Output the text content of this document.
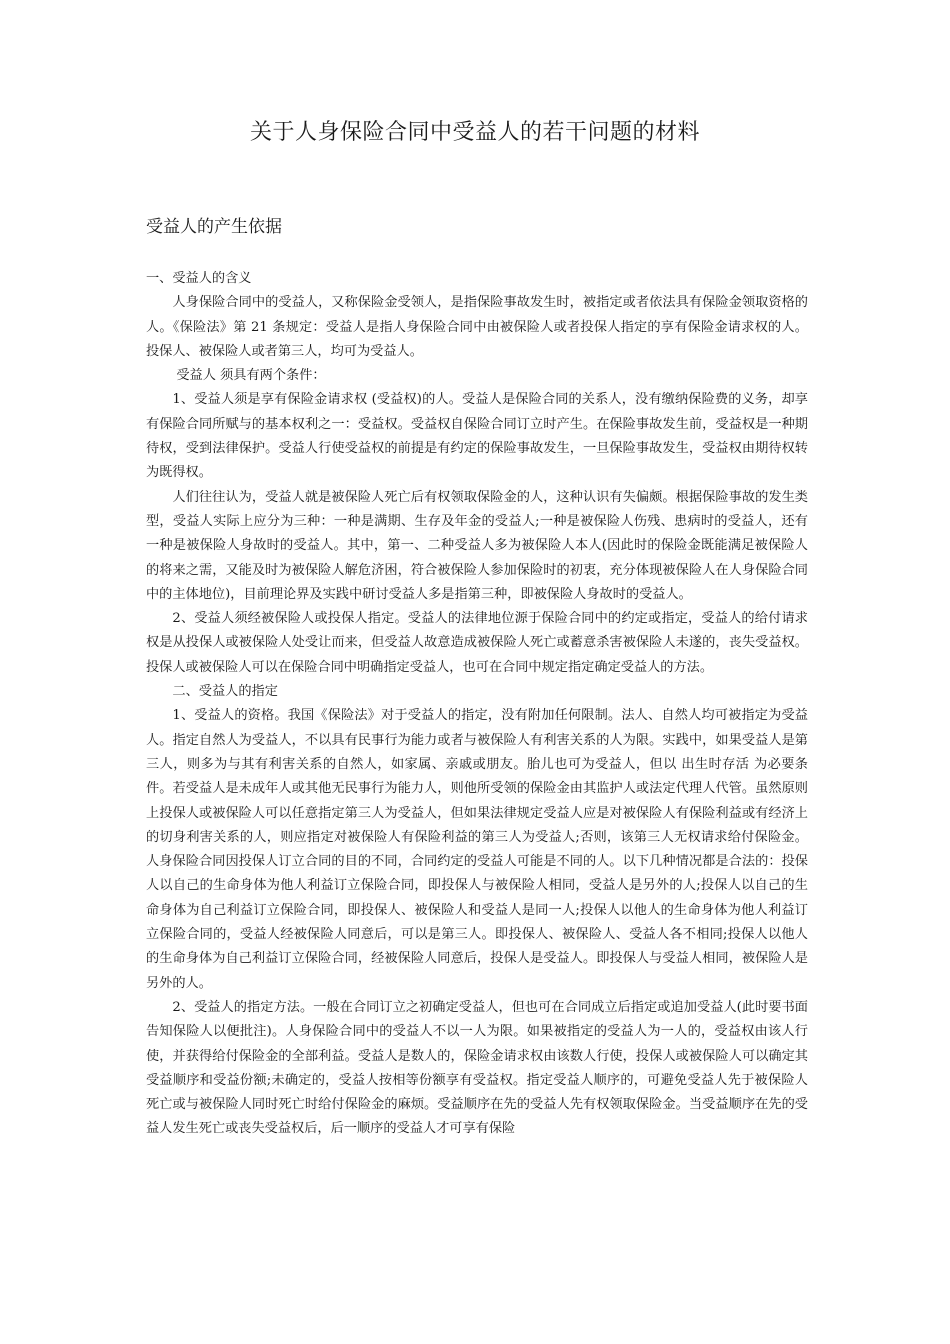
关于人身保险合同中受益人的若干问题的材料
受益人的产生依据

一、受益人的含义

人身保险合同中的受益人，又称保险金受领人，是指保险事故发生时，被指定或者依法具有保险金领取资格的人。《保险法》第 21 条规定：受益人是指人身保险合同中由被保险人或者投保人指定的享有保险金请求权的人。投保人、被保险人或者第三人，均可为受益人。

受益人 须具有两个条件：

1、受益人须是享有保险金请求权 (受益权)的人。受益人是保险合同的关系人，没有缴纳保险费的义务，却享有保险合同所赋与的基本权利之一：受益权。受益权自保险合同订立时产生。在保险事故发生前，受益权是一种期待权，受到法律保护。受益人行使受益权的前提是有约定的保险事故发生，一旦保险事故发生，受益权由期待权转为既得权。

人们往往认为，受益人就是被保险人死亡后有权领取保险金的人，这种认识有失偏颇。根据保险事故的发生类型，受益人实际上应分为三种：一种是满期、生存及年金的受益人;一种是被保险人伤残、患病时的受益人，还有一种是被保险人身故时的受益人。其中，第一、二种受益人多为被保险人本人(因此时的保险金既能满足被保险人的将来之需，又能及时为被保险人解危济困，符合被保险人参加保险时的初衷，充分体现被保险人在人身保险合同中的主体地位)，目前理论界及实践中研讨受益人多是指第三种，即被保险人身故时的受益人。

2、受益人须经被保险人或投保人指定。受益人的法律地位源于保险合同中的约定或指定，受益人的给付请求权是从投保人或被保险人处受让而来，但受益人故意造成被保险人死亡或蓄意杀害被保险人未遂的，丧失受益权。投保人或被保险人可以在保险合同中明确指定受益人，也可在合同中规定指定确定受益人的方法。

二、受益人的指定

1、受益人的资格。我国《保险法》对于受益人的指定，没有附加任何限制。法人、自然人均可被指定为受益人。指定自然人为受益人，不以具有民事行为能力或者与被保险人有利害关系的人为限。实践中，如果受益人是第三人，则多为与其有利害关系的自然人，如家属、亲戚或朋友。胎儿也可为受益人，但以 出生时存活 为必要条件。若受益人是未成年人或其他无民事行为能力人，则他所受领的保险金由其监护人或法定代理人代管。虽然原则上投保人或被保险人可以任意指定第三人为受益人，但如果法律规定受益人应是对被保险人有保险利益或有经济上的切身利害关系的人，则应指定对被保险人有保险利益的第三人为受益人;否则，该第三人无权请求给付保险金。人身保险合同因投保人订立合同的目的不同，合同约定的受益人可能是不同的人。以下几种情况都是合法的：投保人以自己的生命身体为他人利益订立保险合同，即投保人与被保险人相同，受益人是另外的人;投保人以自己的生命身体为自己利益订立保险合同，即投保人、被保险人和受益人是同一人;投保人以他人的生命身体为他人利益订立保险合同的，受益人经被保险人同意后，可以是第三人。即投保人、被保险人、受益人各不相同;投保人以他人的生命身体为自己利益订立保险合同，经被保险人同意后，投保人是受益人。即投保人与受益人相同，被保险人是另外的人。

2、受益人的指定方法。一般在合同订立之初确定受益人，但也可在合同成立后指定或追加受益人(此时要书面告知保险人以便批注)。人身保险合同中的受益人不以一人为限。如果被指定的受益人为一人的，受益权由该人行使，并获得给付保险金的全部利益。受益人是数人的，保险金请求权由该数人行使，投保人或被保险人可以确定其受益顺序和受益份额;未确定的，受益人按相等份额享有受益权。指定受益人顺序的，可避免受益人先于被保险人死亡或与被保险人同时死亡时给付保险金的麻烦。受益顺序在先的受益人先有权领取保险金。当受益顺序在先的受益人发生死亡或丧失受益权后，后一顺序的受益人才可享有保险
